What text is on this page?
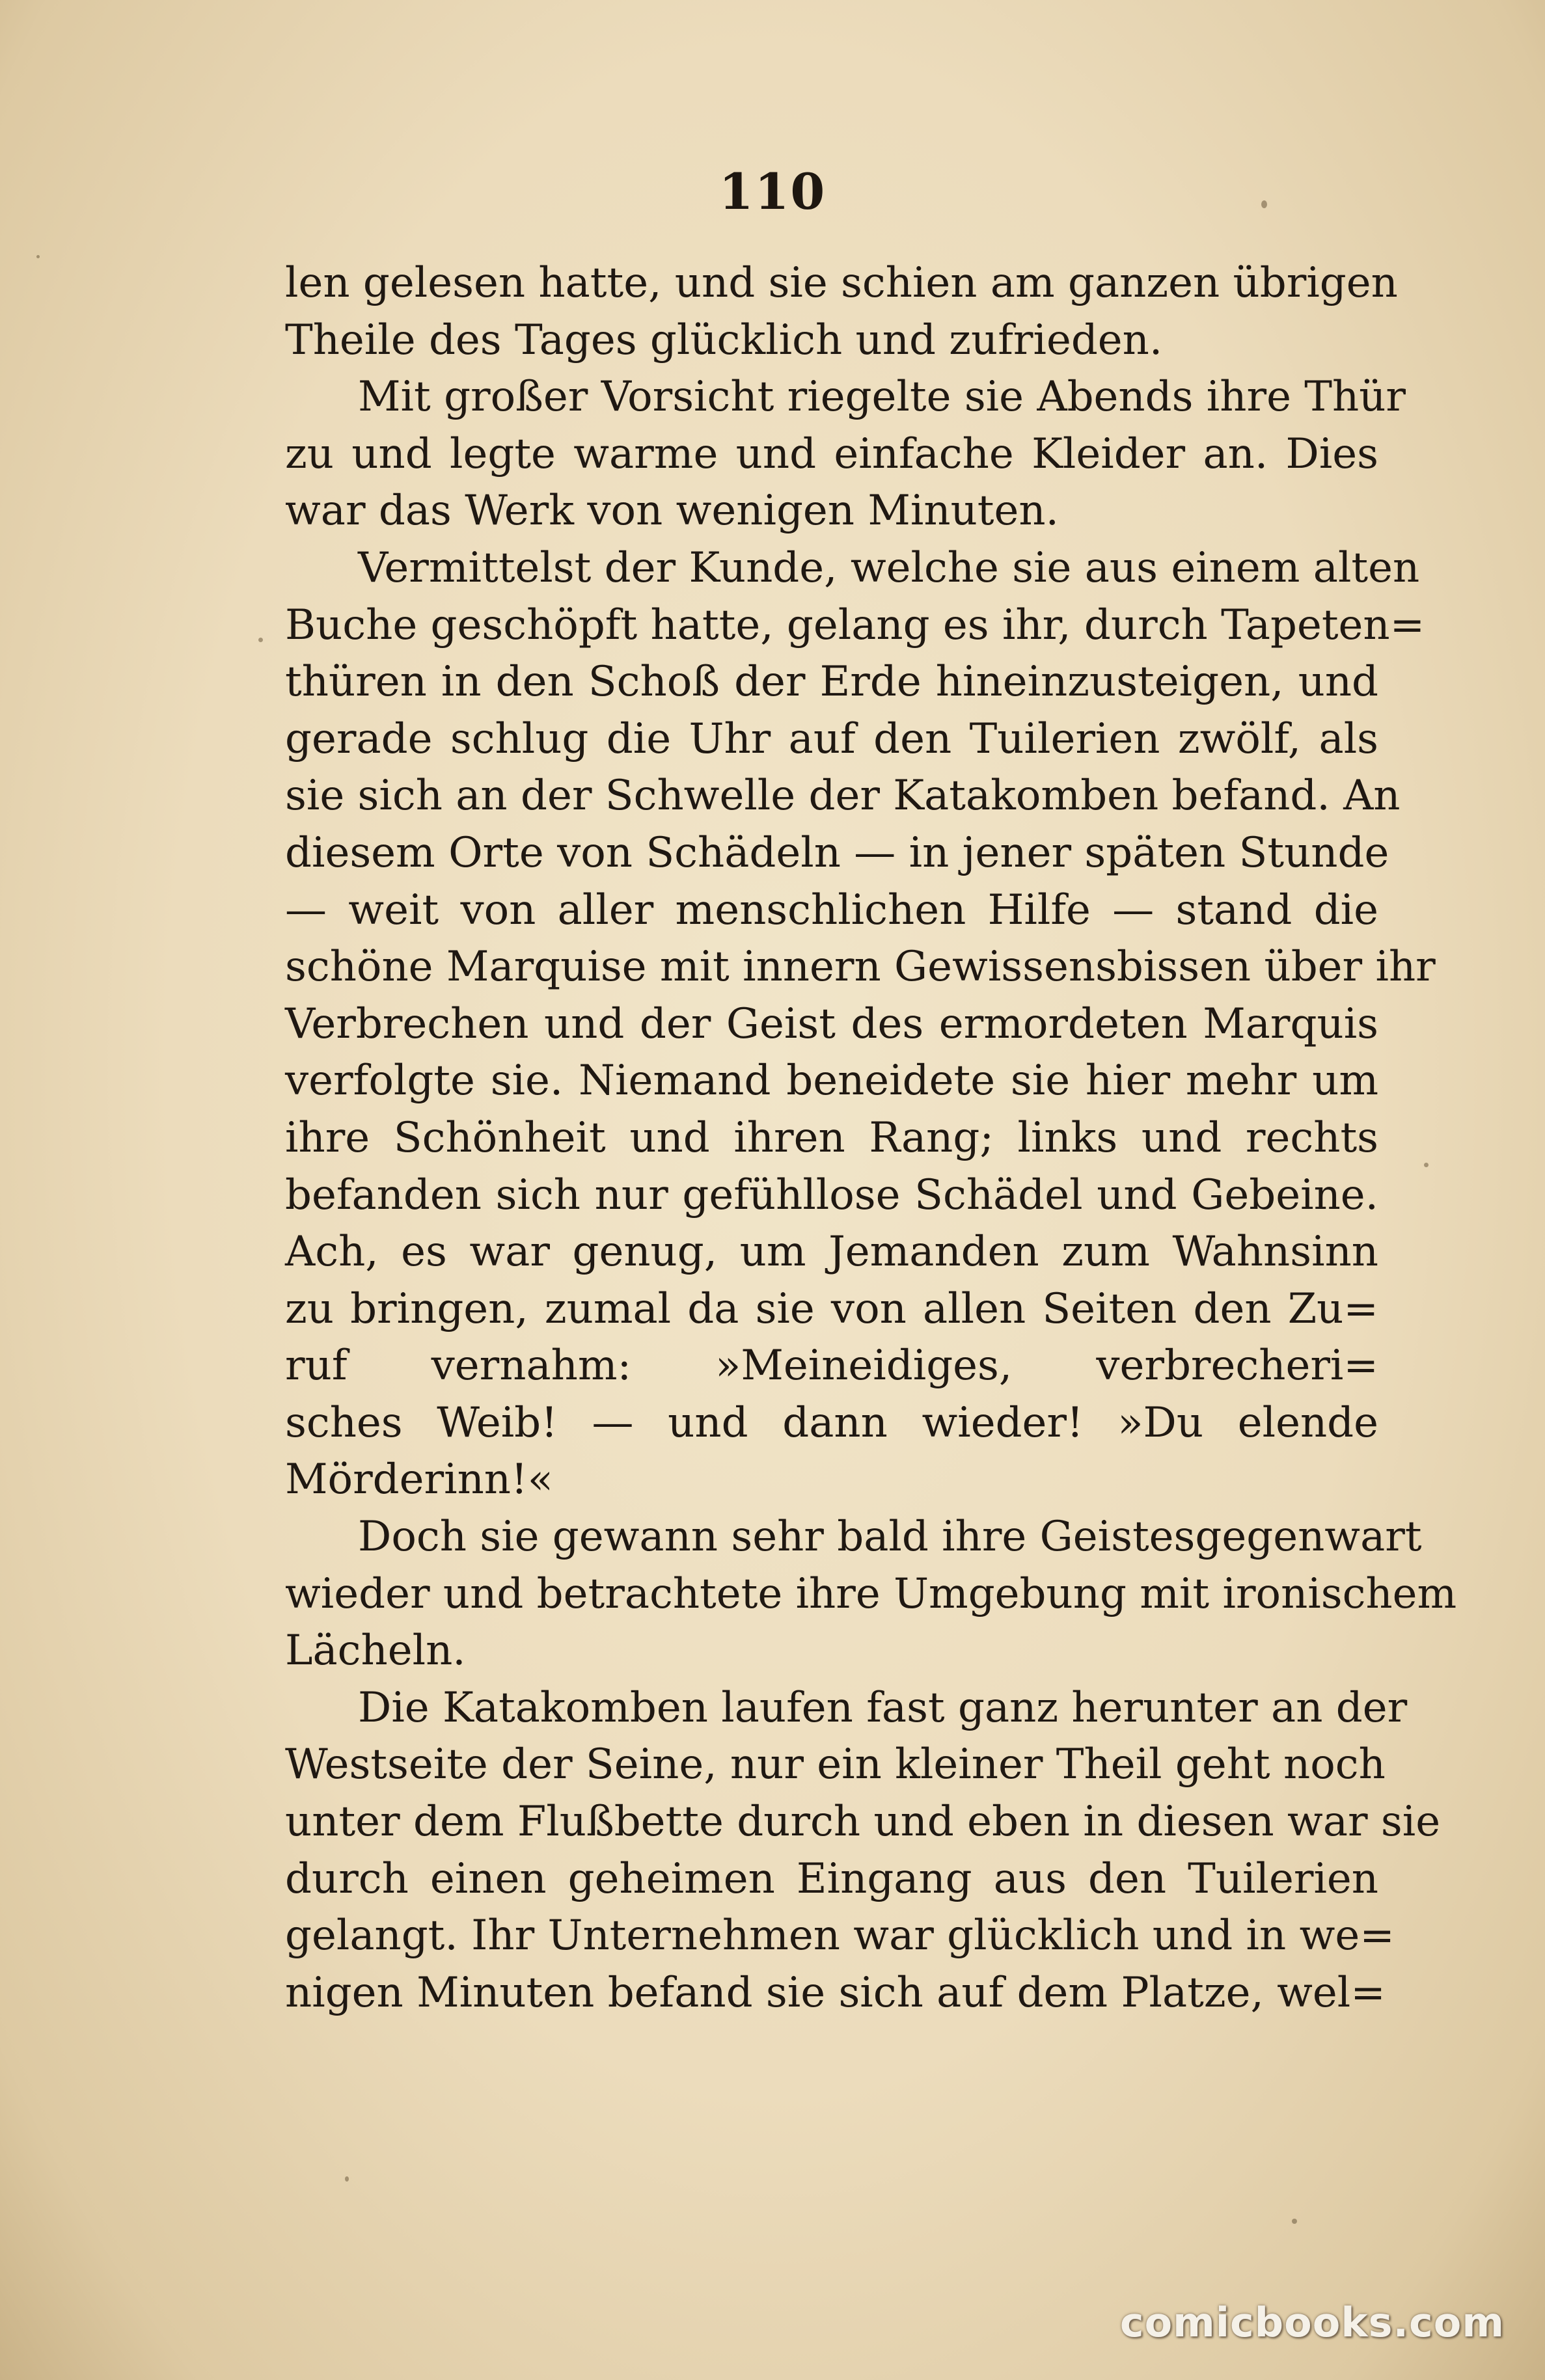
110
len gelesen hatte, und sie schien am ganzen übrigen
Theile des Tages glücklich und zufrieden.
Mit großer Vorsicht riegelte sie Abends ihre Thür
zu und legte warme und einfache Kleider an. Dies
war das Werk von wenigen Minuten.
Vermittelst der Kunde, welche sie aus einem alten
Buche geschöpft hatte, gelang es ihr, durch Tapeten=
thüren in den Schoß der Erde hineinzusteigen, und
gerade schlug die Uhr auf den Tuilerien zwölf, als
sie sich an der Schwelle der Katakomben befand. An
diesem Orte von Schädeln — in jener späten Stunde
— weit von aller menschlichen Hilfe — stand die
schöne Marquise mit innern Gewissensbissen über ihr
Verbrechen und der Geist des ermordeten Marquis
verfolgte sie. Niemand beneidete sie hier mehr um
ihre Schönheit und ihren Rang; links und rechts
befanden sich nur gefühllose Schädel und Gebeine.
Ach, es war genug, um Jemanden zum Wahnsinn
zu bringen, zumal da sie von allen Seiten den Zu=
ruf vernahm: »Meineidiges, verbrecheri=
sches Weib! — und dann wieder! »Du elende
Mörderinn!«
Doch sie gewann sehr bald ihre Geistesgegenwart
wieder und betrachtete ihre Umgebung mit ironischem
Lächeln.
Die Katakomben laufen fast ganz herunter an der
Westseite der Seine, nur ein kleiner Theil geht noch
unter dem Flußbette durch und eben in diesen war sie
durch einen geheimen Eingang aus den Tuilerien
gelangt. Ihr Unternehmen war glücklich und in we=
nigen Minuten befand sie sich auf dem Platze, wel=
comicbooks.com
